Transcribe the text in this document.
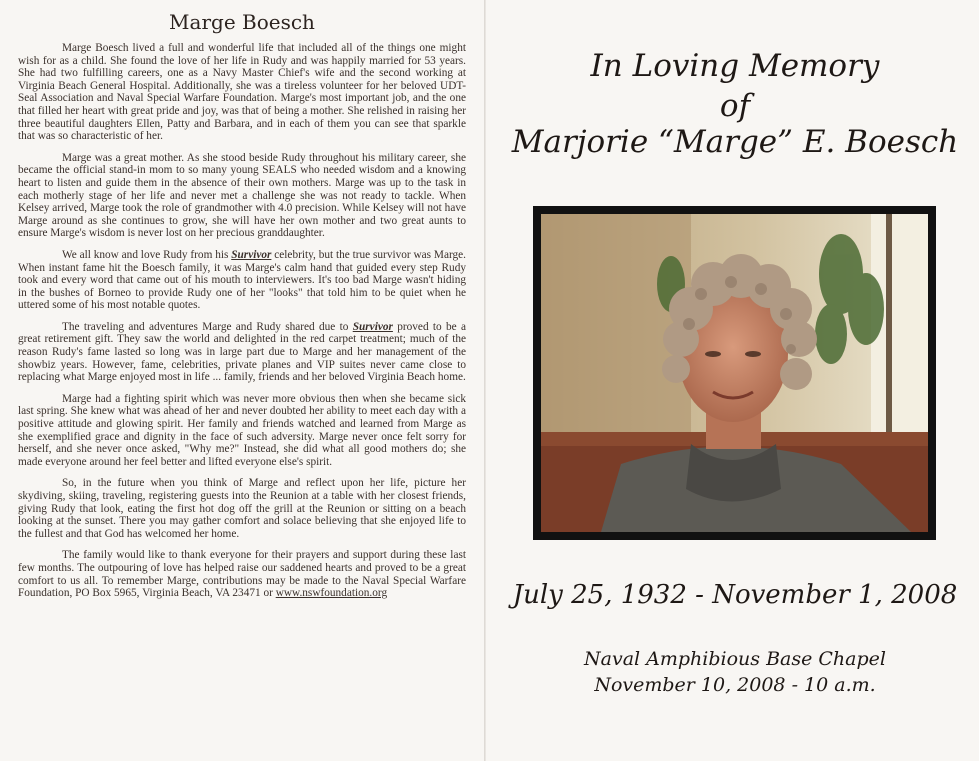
Marge Boesch

Marge Boesch lived a full and wonderful life that included all of the things one might wish for as a child. She found the love of her life in Rudy and was happily married for 53 years. She had two fulfilling careers, one as a Navy Master Chief's wife and the second working at Virginia Beach General Hospital. Additionally, she was a tireless volunteer for her beloved UDT-Seal Association and Naval Special Warfare Foundation. Marge's most important job, and the one that filled her heart with great pride and joy, was that of being a mother. She relished in raising her three beautiful daughters Ellen, Patty and Barbara, and in each of them you can see that sparkle that was so characteristic of her.

Marge was a great mother. As she stood beside Rudy throughout his military career, she became the official stand-in mom to so many young SEALS who needed wisdom and a knowing heart to listen and guide them in the absence of their own mothers. Marge was up to the task in each motherly stage of her life and never met a challenge she was not ready to tackle. When Kelsey arrived, Marge took the role of grandmother with 4.0 precision. While Kelsey will not have Marge around as she continues to grow, she will have her own mother and two great aunts to ensure Marge's wisdom is never lost on her precious granddaughter.

We all know and love Rudy from his Survivor celebrity, but the true survivor was Marge. When instant fame hit the Boesch family, it was Marge's calm hand that guided every step Rudy took and every word that came out of his mouth to interviewers. It's too bad Marge wasn't hiding in the bushes of Borneo to provide Rudy one of her "looks" that told him to be quiet when he uttered some of his most notable quotes.

The traveling and adventures Marge and Rudy shared due to Survivor proved to be a great retirement gift. They saw the world and delighted in the red carpet treatment; much of the reason Rudy's fame lasted so long was in large part due to Marge and her management of the showbiz years. However, fame, celebrities, private planes and VIP suites never came close to replacing what Marge enjoyed most in life ... family, friends and her beloved Virginia Beach home.

Marge had a fighting spirit which was never more obvious then when she became sick last spring. She knew what was ahead of her and never doubted her ability to meet each day with a positive attitude and glowing spirit. Her family and friends watched and learned from Marge as she exemplified grace and dignity in the face of such adversity. Marge never once felt sorry for herself, and she never once asked, "Why me?" Instead, she did what all good mothers do; she made everyone around her feel better and lifted everyone else's spirit.

So, in the future when you think of Marge and reflect upon her life, picture her skydiving, skiing, traveling, registering guests into the Reunion at a table with her closest friends, giving Rudy that look, eating the first hot dog off the grill at the Reunion or sitting on a beach looking at the sunset. There you may gather comfort and solace believing that she enjoyed life to the fullest and that God has welcomed her home.

The family would like to thank everyone for their prayers and support during these last few months. The outpouring of love has helped raise our saddened hearts and proved to be a great comfort to us all. To remember Marge, contributions may be made to the Naval Special Warfare Foundation, PO Box 5965, Virginia Beach, VA 23471 or www.nswfoundation.org

In Loving Memory
of
Marjorie “Marge” E. Boesch
July 25, 1932 - November 1, 2008
Naval Amphibious Base Chapel
November 10, 2008 - 10 a.m.
